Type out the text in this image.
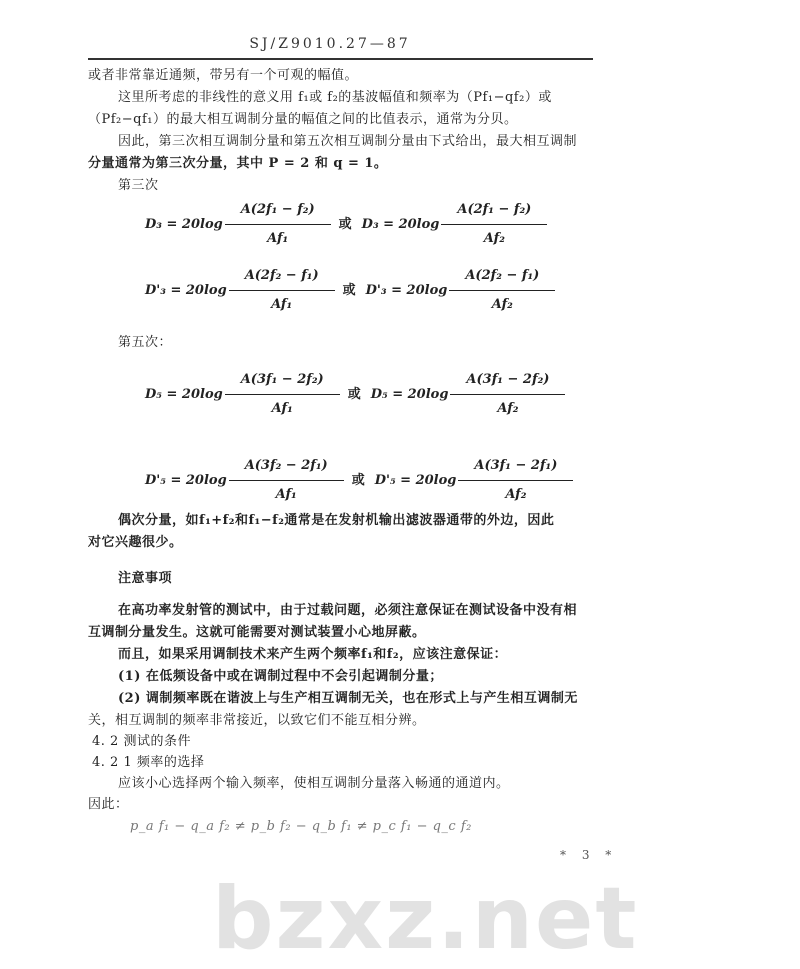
SJ/Z9010.27—87
或者非常靠近通频，带另有一个可观的幅值。
这里所考虑的非线性的意义用 f₁或 f₂的基波幅值和频率为（Pf₁−qf₂）或
（Pf₂−qf₁）的最大相互调制分量的幅值之间的比值表示，通常为分贝。
因此，第三次相互调制分量和第五次相互调制分量由下式给出，最大相互调制
分量通常为第三次分量，其中 P = 2 和 q = 1。
第三次
$D_3 = 20\log \frac{\text{A(2f₁ − f₂)}}{\text{Af₁}}$	或 $D_3 = 20\log \frac{\text{A(2f₁ − f₂)}}{\text{Af₂}}$
$D'_3 = 20\log \frac{\text{A(2f₂ − f₁)}}{\text{Af₁}}$	或 $D'_3 = 20\log \frac{\text{A(2f₂ − f₁)}}{\text{Af₂}}$
第五次：
$D_5 = 20\log \frac{\text{A(3f₁ − 2f₂)}}{\text{Af₁}}$	或 $D_5 = 20\log \frac{\text{A(3f₁ − 2f₂)}}{\text{Af₂}}$
$D'_5 = 20\log \frac{\text{A(3f₂ − 2f₁)}}{\text{Af₁}}$	或 $D'_5 = 20\log \frac{\text{A(3f₁ − 2f₁)}}{\text{Af₂}}$
偶次分量，如f₁+f₂和f₁−f₂通常是在发射机输出滤波器通带的外边，因此
对它兴趣很少。
注意事项
在高功率发射管的测试中，由于过载问题，必须注意保证在测试设备中没有相
互调制分量发生。这就可能需要对测试装置小心地屏蔽。
而且，如果采用调制技术来产生两个频率f₁和f₂，应该注意保证：
(1) 在低频设备中或在调制过程中不会引起调制分量；
(2) 调制频率既在谐波上与生产相互调制无关，也在形式上与产生相互调制无
关，相互调制的频率非常接近，以致它们不能互相分辨。
4. 2 测试的条件
4. 2 1 频率的选择
应该小心选择两个输入频率，使相互调制分量落入畅通的通道内。
因此：
p_a f₁ − q_a f₂ ≠ p_b f₂ − q_b f₁ ≠ p_c f₁ − q_c f₂
* 3 *
bzxz.net
